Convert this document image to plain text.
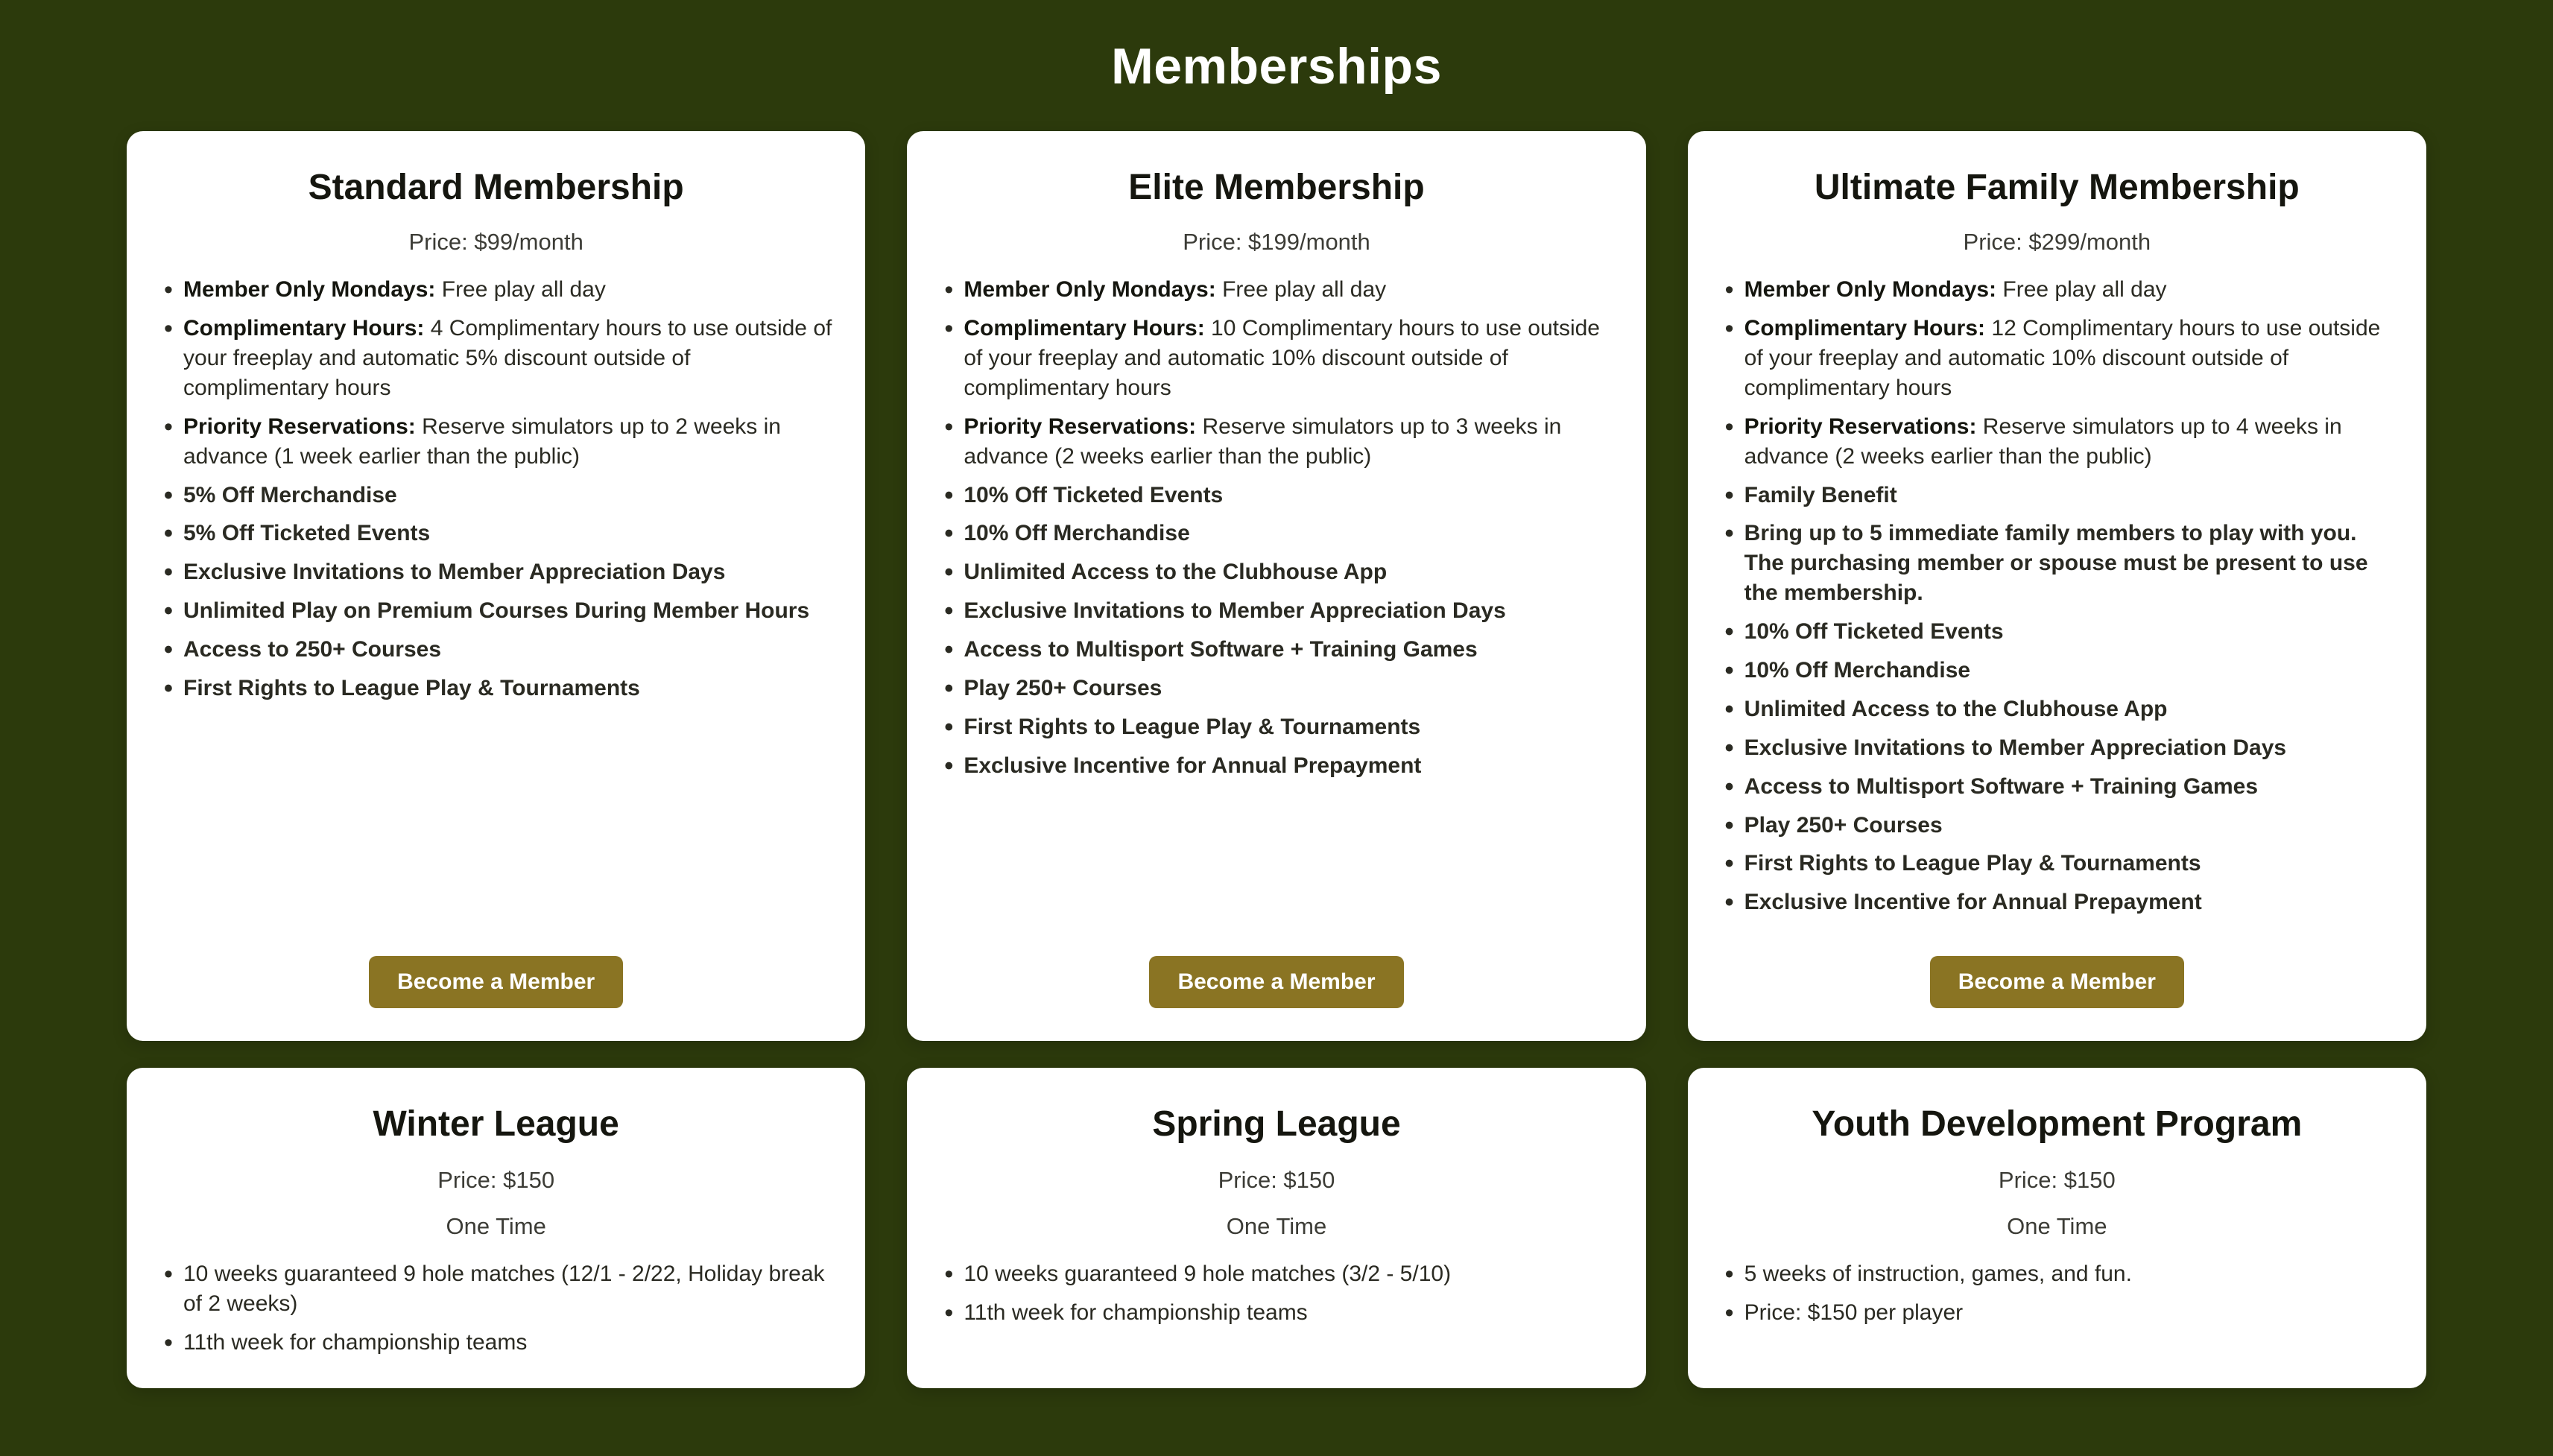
Memberships
Standard Membership
Price: $99/month
• Member Only Mondays: Free play all day
• Complimentary Hours: 4 Complimentary hours to use outside of your freeplay and automatic 5% discount outside of complimentary hours
• Priority Reservations: Reserve simulators up to 2 weeks in advance (1 week earlier than the public)
• 5% Off Merchandise
• 5% Off Ticketed Events
• Exclusive Invitations to Member Appreciation Days
• Unlimited Play on Premium Courses During Member Hours
• Access to 250+ Courses
• First Rights to League Play & Tournaments
Become a Member
Elite Membership
Price: $199/month
• Member Only Mondays: Free play all day
• Complimentary Hours: 10 Complimentary hours to use outside of your freeplay and automatic 10% discount outside of complimentary hours
• Priority Reservations: Reserve simulators up to 3 weeks in advance (2 weeks earlier than the public)
• 10% Off Ticketed Events
• 10% Off Merchandise
• Unlimited Access to the Clubhouse App
• Exclusive Invitations to Member Appreciation Days
• Access to Multisport Software + Training Games
• Play 250+ Courses
• First Rights to League Play & Tournaments
• Exclusive Incentive for Annual Prepayment
Become a Member
Ultimate Family Membership
Price: $299/month
• Member Only Mondays: Free play all day
• Complimentary Hours: 12 Complimentary hours to use outside of your freeplay and automatic 10% discount outside of complimentary hours
• Priority Reservations: Reserve simulators up to 4 weeks in advance (2 weeks earlier than the public)
• Family Benefit
• Bring up to 5 immediate family members to play with you. The purchasing member or spouse must be present to use the membership.
• 10% Off Ticketed Events
• 10% Off Merchandise
• Unlimited Access to the Clubhouse App
• Exclusive Invitations to Member Appreciation Days
• Access to Multisport Software + Training Games
• Play 250+ Courses
• First Rights to League Play & Tournaments
• Exclusive Incentive for Annual Prepayment
Become a Member
Winter League
Price: $150
One Time
• 10 weeks guaranteed 9 hole matches (12/1 - 2/22, Holiday break of 2 weeks)
• 11th week for championship teams
Spring League
Price: $150
One Time
• 10 weeks guaranteed 9 hole matches (3/2 - 5/10)
• 11th week for championship teams
Youth Development Program
Price: $150
One Time
• 5 weeks of instruction, games, and fun.
• Price: $150 per player
